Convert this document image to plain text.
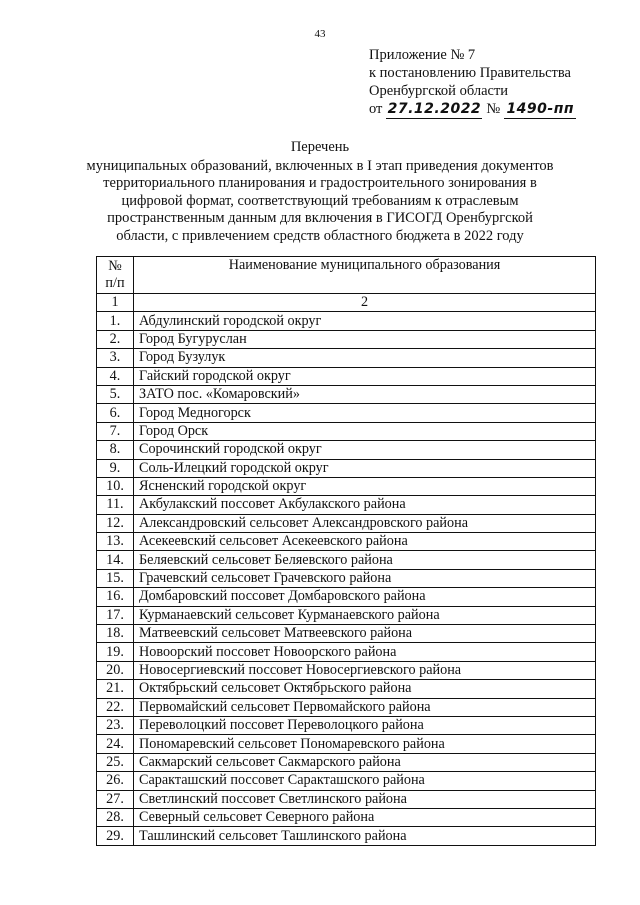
43
Приложение № 7
к постановлению Правительства
Оренбургской области
от 27.12.2022 № 1490-пп
Перечень
муниципальных образований, включенных в I этап приведения документов
территориального планирования и градостроительного зонирования в
цифровой формат, соответствующий требованиям к отраслевым
пространственным данным для включения в ГИСОГД Оренбургской
области, с привлечением средств областного бюджета в 2022 году
№
п/п	Наименование муниципального образования
1	2
1.	Абдулинский городской округ
2.	Город Бугуруслан
3.	Город Бузулук
4.	Гайский городской округ
5.	ЗАТО пос. «Комаровский»
6.	Город Медногорск
7.	Город Орск
8.	Сорочинский городской округ
9.	Соль-Илецкий городской округ
10.	Ясненский городской округ
11.	Акбулакский поссовет Акбулакского района
12.	Александровский сельсовет Александровского района
13.	Асекеевский сельсовет Асекеевского района
14.	Беляевский сельсовет Беляевского района
15.	Грачевский сельсовет Грачевского района
16.	Домбаровский поссовет Домбаровского района
17.	Курманаевский сельсовет Курманаевского района
18.	Матвеевский сельсовет Матвеевского района
19.	Новоорский поссовет Новоорского района
20.	Новосергиевский поссовет Новосергиевского района
21.	Октябрьский сельсовет Октябрьского района
22.	Первомайский сельсовет Первомайского района
23.	Переволоцкий поссовет Переволоцкого района
24.	Пономаревский сельсовет Пономаревского района
25.	Сакмарский сельсовет Сакмарского района
26.	Саракташский поссовет Саракташского района
27.	Светлинский поссовет Светлинского района
28.	Северный сельсовет Северного района
29.	Ташлинский сельсовет Ташлинского района
